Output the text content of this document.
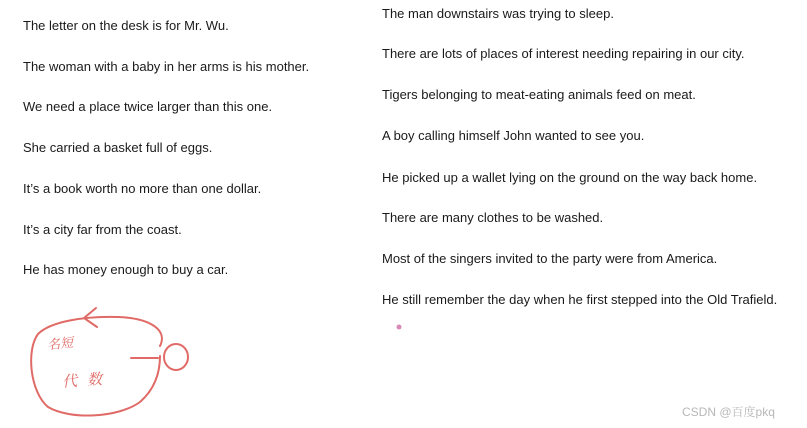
The letter on the desk is for Mr. Wu.
The woman with a baby in her arms is his mother.
We need a place twice larger than this one.
She carried a basket full of eggs.
It’s a book worth no more than one dollar.
It’s a city far from the coast.
He has money enough to buy a car.
The man downstairs was trying to sleep.
There are lots of places of interest needing repairing in our city.
Tigers belonging to meat-eating animals feed on meat.
A boy calling himself John wanted to see you.
He picked up a wallet lying on the ground on the way back home.
There are many clothes to be washed.
Most of the singers invited to the party were from America.
He still remember the day when he first stepped into the Old Trafield.
名短
代数
CSDN @百度pkq
